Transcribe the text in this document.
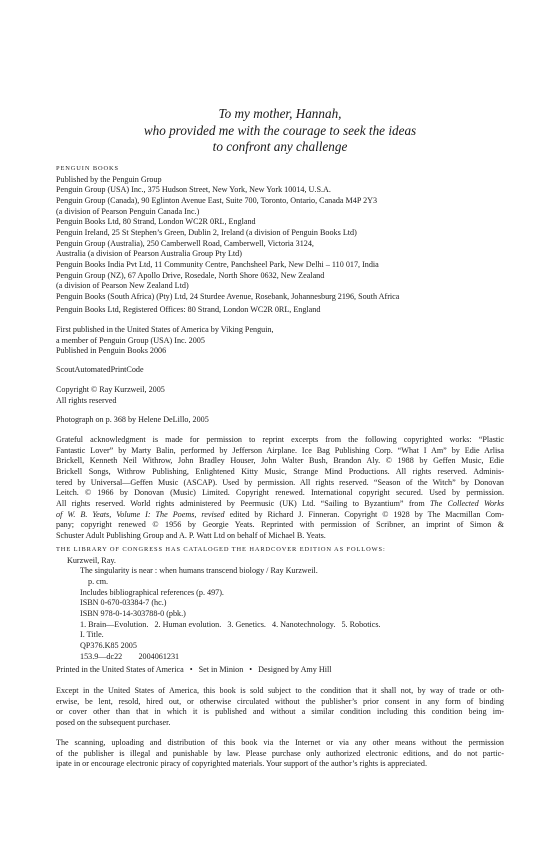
To my mother, Hannah,
who provided me with the courage to seek the ideas
to confront any challenge
PENGUIN BOOKS
Published by the Penguin Group
Penguin Group (USA) Inc., 375 Hudson Street, New York, New York 10014, U.S.A.
Penguin Group (Canada), 90 Eglinton Avenue East, Suite 700, Toronto, Ontario, Canada M4P 2Y3
(a division of Pearson Penguin Canada Inc.)
Penguin Books Ltd, 80 Strand, London WC2R 0RL, England
Penguin Ireland, 25 St Stephen’s Green, Dublin 2, Ireland (a division of Penguin Books Ltd)
Penguin Group (Australia), 250 Camberwell Road, Camberwell, Victoria 3124,
Australia (a division of Pearson Australia Group Pty Ltd)
Penguin Books India Pvt Ltd, 11 Community Centre, Panchsheel Park, New Delhi – 110 017, India
Penguin Group (NZ), 67 Apollo Drive, Rosedale, North Shore 0632, New Zealand
(a division of Pearson New Zealand Ltd)
Penguin Books (South Africa) (Pty) Ltd, 24 Sturdee Avenue, Rosebank, Johannesburg 2196, South Africa
Penguin Books Ltd, Registered Offices: 80 Strand, London WC2R 0RL, England
First published in the United States of America by Viking Penguin,
a member of Penguin Group (USA) Inc. 2005
Published in Penguin Books 2006
ScoutAutomatedPrintCode
Copyright © Ray Kurzweil, 2005
All rights reserved
Photograph on p. 368 by Helene DeLillo, 2005
Grateful acknowledgment is made for permission to reprint excerpts from the following copyrighted works: “Plastic
Fantastic Lover” by Marty Balin, performed by Jefferson Airplane. Ice Bag Publishing Corp. “What I Am” by Edie Arlisa
Brickell, Kenneth Neil Withrow, John Bradley Houser, John Walter Bush, Brandon Aly. © 1988 by Geffen Music, Edie
Brickell Songs, Withrow Publishing, Enlightened Kitty Music, Strange Mind Productions. All rights reserved. Adminis-
tered by Universal—Geffen Music (ASCAP). Used by permission. All rights reserved. “Season of the Witch” by Donovan
Leitch. © 1966 by Donovan (Music) Limited. Copyright renewed. International copyright secured. Used by permission.
All rights reserved. World rights administered by Peermusic (UK) Ltd. “Sailing to Byzantium” from The Collected Works
of W. B. Yeats, Volume I: The Poems, revised edited by Richard J. Finneran. Copyright © 1928 by The Macmillan Com-
pany; copyright renewed © 1956 by Georgie Yeats. Reprinted with permission of Scribner, an imprint of Simon &
Schuster Adult Publishing Group and A. P. Watt Ltd on behalf of Michael B. Yeats.
THE LIBRARY OF CONGRESS HAS CATALOGED THE HARDCOVER EDITION AS FOLLOWS:
Kurzweil, Ray.
The singularity is near : when humans transcend biology / Ray Kurzweil.
p. cm.
Includes bibliographical references (p. 497).
ISBN 0-670-03384-7 (hc.)
ISBN 978-0-14-303788-0 (pbk.)
1. Brain—Evolution.   2. Human evolution.   3. Genetics.   4. Nanotechnology.   5. Robotics.
I. Title.
QP376.K85 2005
153.9—dc22        2004061231
Printed in the United States of America • Set in Minion • Designed by Amy Hill
Except in the United States of America, this book is sold subject to the condition that it shall not, by way of trade or oth-
erwise, be lent, resold, hired out, or otherwise circulated without the publisher’s prior consent in any form of binding
or cover other than that in which it is published and without a similar condition including this condition being im-
posed on the subsequent purchaser.
The scanning, uploading and distribution of this book via the Internet or via any other means without the permission
of the publisher is illegal and punishable by law. Please purchase only authorized electronic editions, and do not partic-
ipate in or encourage electronic piracy of copyrighted materials. Your support of the author’s rights is appreciated.
